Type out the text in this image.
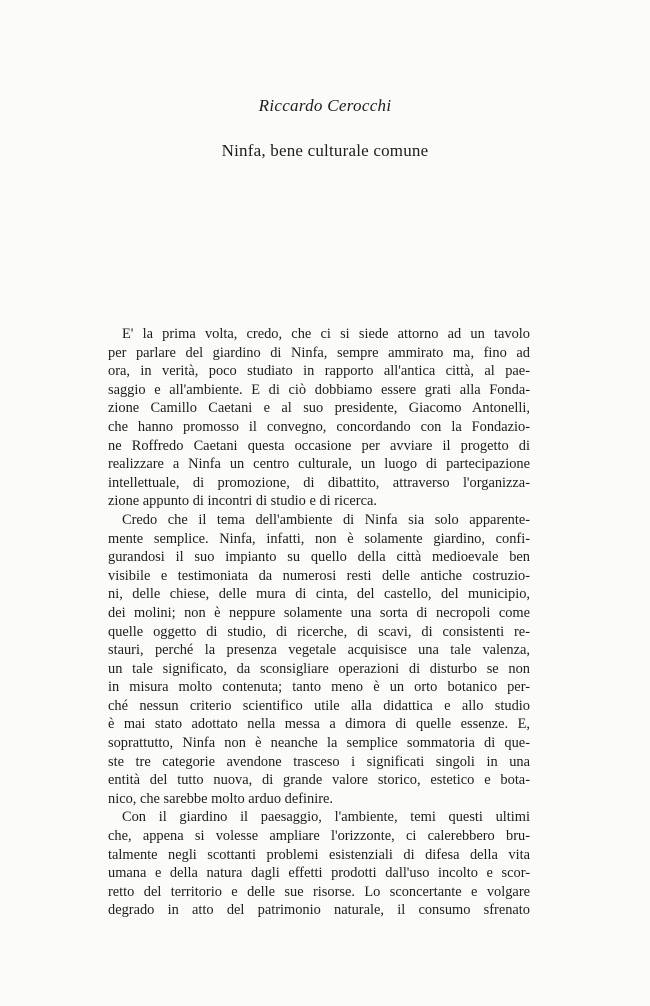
Riccardo Cerocchi
Ninfa, bene culturale comune
E' la prima volta, credo, che ci si siede attorno ad un tavolo
per parlare del giardino di Ninfa, sempre ammirato ma, fino ad
ora, in verità, poco studiato in rapporto all'antica città, al pae-
saggio e all'ambiente. E di ciò dobbiamo essere grati alla Fonda-
zione Camillo Caetani e al suo presidente, Giacomo Antonelli,
che hanno promosso il convegno, concordando con la Fondazio-
ne Roffredo Caetani questa occasione per avviare il progetto di
realizzare a Ninfa un centro culturale, un luogo di partecipazione
intellettuale, di promozione, di dibattito, attraverso l'organizza-
zione appunto di incontri di studio e di ricerca.
Credo che il tema dell'ambiente di Ninfa sia solo apparente-
mente semplice. Ninfa, infatti, non è solamente giardino, confi-
gurandosi il suo impianto su quello della città medioevale ben
visibile e testimoniata da numerosi resti delle antiche costruzio-
ni, delle chiese, delle mura di cinta, del castello, del municipio,
dei molini; non è neppure solamente una sorta di necropoli come
quelle oggetto di studio, di ricerche, di scavi, di consistenti re-
stauri, perché la presenza vegetale acquisisce una tale valenza,
un tale significato, da sconsigliare operazioni di disturbo se non
in misura molto contenuta; tanto meno è un orto botanico per-
ché nessun criterio scientifico utile alla didattica e allo studio
è mai stato adottato nella messa a dimora di quelle essenze. E,
soprattutto, Ninfa non è neanche la semplice sommatoria di que-
ste tre categorie avendone trasceso i significati singoli in una
entità del tutto nuova, di grande valore storico, estetico e bota-
nico, che sarebbe molto arduo definire.
Con il giardino il paesaggio, l'ambiente, temi questi ultimi
che, appena si volesse ampliare l'orizzonte, ci calerebbero bru-
talmente negli scottanti problemi esistenziali di difesa della vita
umana e della natura dagli effetti prodotti dall'uso incolto e scor-
retto del territorio e delle sue risorse. Lo sconcertante e volgare
degrado in atto del patrimonio naturale, il consumo sfrenato
